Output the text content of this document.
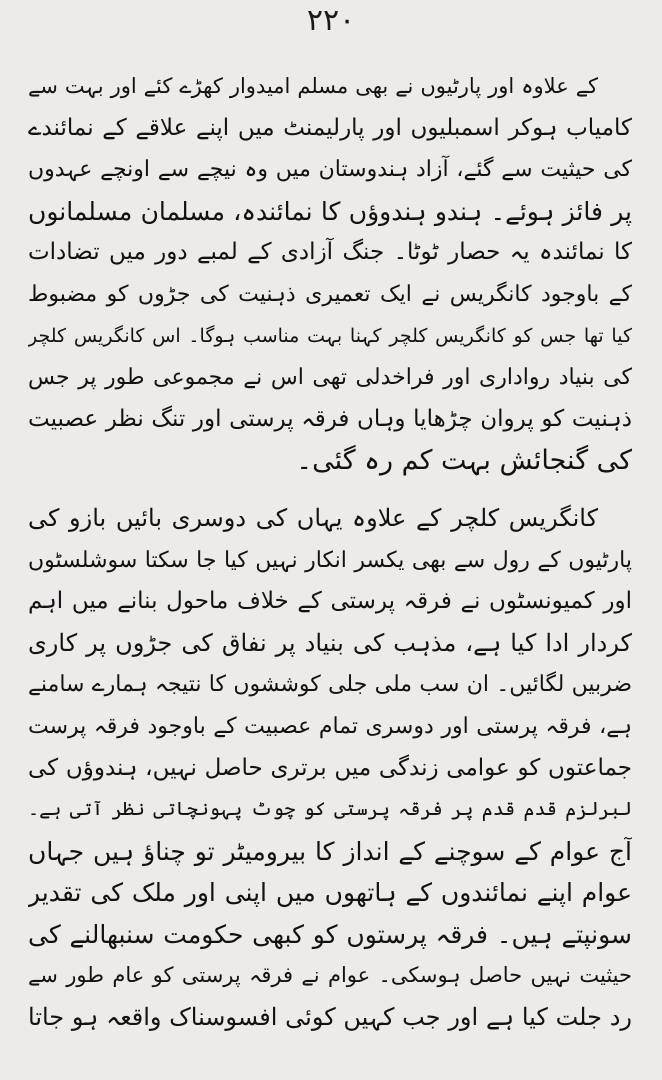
۲۲۰
کے علاوہ اور پارٹیوں نے بھی مسلم امیدوار کھڑے کئے اور بہت سے
کامیاب ہوکر اسمبلیوں اور پارلیمنٹ میں اپنے علاقے کے نمائندے
کی حیثیت سے گئے، آزاد ہندوستان میں وہ نیچے سے اونچے عہدوں
پر فائز ہوئے۔ ہندو ہندوؤں کا نمائندہ، مسلمان مسلمانوں
کا نمائندہ یہ حصار ٹوٹا۔ جنگ آزادی کے لمبے دور میں تضادات
کے باوجود کانگریس نے ایک تعمیری ذہنیت کی جڑوں کو مضبوط
کیا تھا جس کو کانگریس کلچر کہنا بہت مناسب ہوگا۔ اس کانگریس کلچر
کی بنیاد رواداری اور فراخدلی تھی اس نے مجموعی طور پر جس
ذہنیت کو پروان چڑھایا وہاں فرقہ پرستی اور تنگ نظر عصبیت
کی گنجائش بہت کم رہ گئی۔
کانگریس کلچر کے علاوہ یہاں کی دوسری بائیں بازو کی
پارٹیوں کے رول سے بھی یکسر انکار نہیں کیا جا سکتا سوشلسٹوں
اور کمیونسٹوں نے فرقہ پرستی کے خلاف ماحول بنانے میں اہم
کردار ادا کیا ہے، مذہب کی بنیاد پر نفاق کی جڑوں پر کاری
ضربیں لگائیں۔ ان سب ملی جلی کوششوں کا نتیجہ ہمارے سامنے
ہے، فرقہ پرستی اور دوسری تمام عصبیت کے باوجود فرقہ پرست
جماعتوں کو عوامی زندگی میں برتری حاصل نہیں، ہندوؤں کی
لبرلزم قدم قدم پر فرقہ پرستی کو چوٹ پہونچاتی نظر آتی ہے۔
آج عوام کے سوچنے کے انداز کا بیرومیٹر تو چناؤ ہیں جہاں
عوام اپنے نمائندوں کے ہاتھوں میں اپنی اور ملک کی تقدیر
سونپتے ہیں۔ فرقہ پرستوں کو کبھی حکومت سنبھالنے کی
حیثیت نہیں حاصل ہوسکی۔ عوام نے فرقہ پرستی کو عام طور سے
رد جلت کیا ہے اور جب کہیں کوئی افسوسناک واقعہ ہو جاتا
